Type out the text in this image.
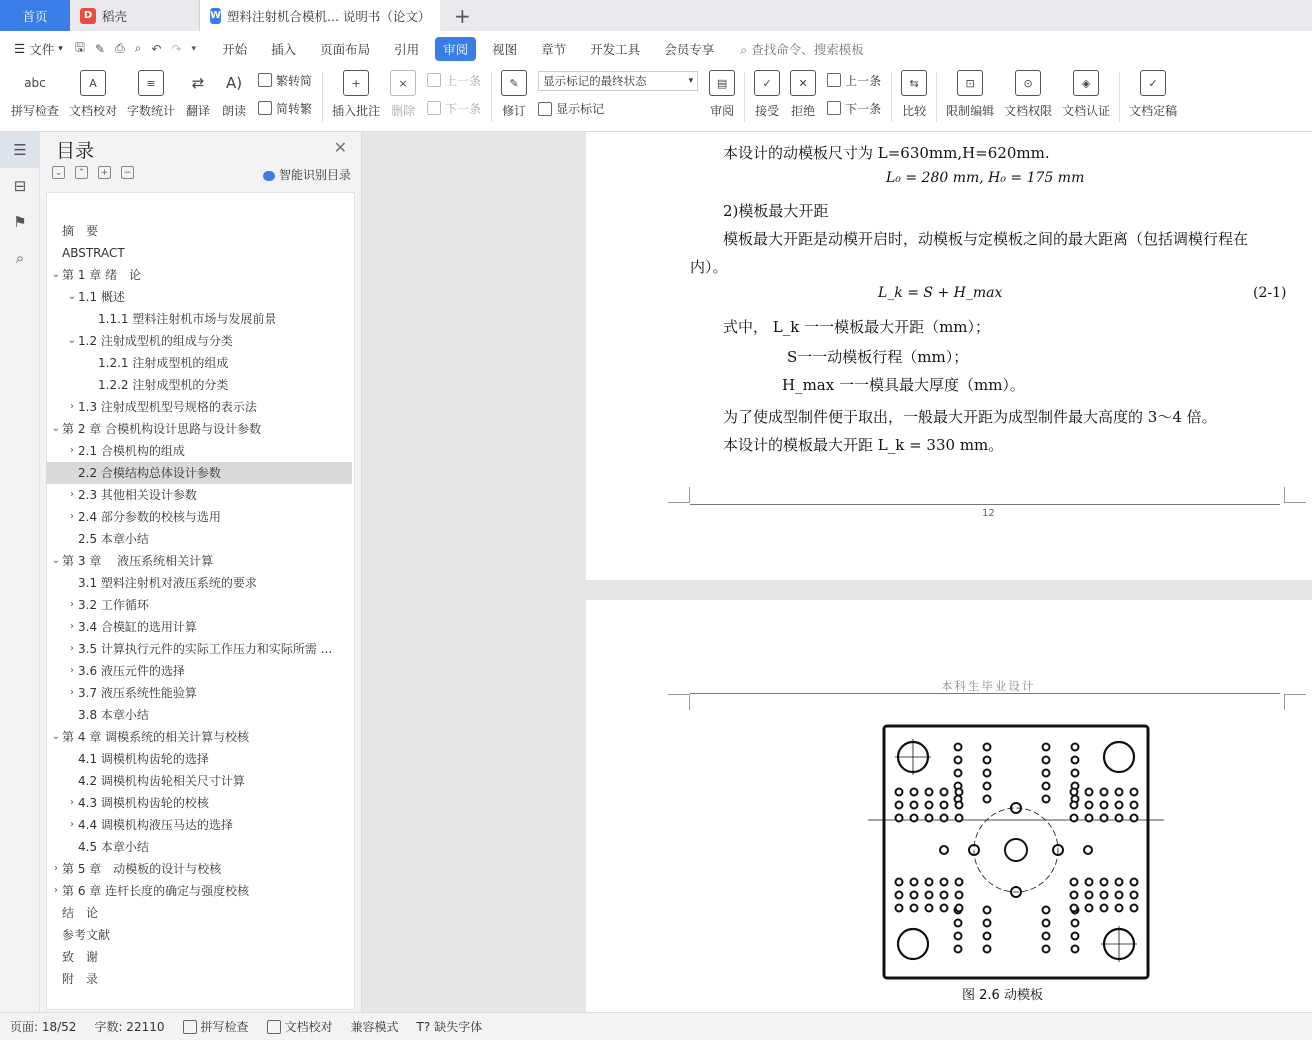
首页	D 稻壳	W 塑料注射机合模机... 说明书（论文）	+
☰ 文件 ▾ 🖫 ✎ ⎙ ⌕ ↶ ↷ ▾	开始	插入	页面布局	引用	审阅	视图	章节	开发工具	会员专享	⌕ 查找命令、搜索模板
abc
拼写检查
A
文档校对
≡
字数统计
⇄
翻译
A)
朗读
繁转简
简转繁
+
插入批注
×
删除
上一条
下一条
✎
修订
显示标记的最终状态	▾
显示标记
▤
审阅
✓
接受
✕
拒绝
上一条
下一条
⇆
比较
⊡
限制编辑
⊙
文档权限
◈
文档认证
✓
文档定稿
☰
⊟
⚑
⌕
目录	✕
⌄	⌃	+	−	智能识别目录
摘　要
ABSTRACT
⌄ 第 1 章 绪　论
⌄ 1.1 概述
1.1.1 塑料注射机市场与发展前景
⌄ 1.2 注射成型机的组成与分类
1.2.1 注射成型机的组成
1.2.2 注射成型机的分类
› 1.3 注射成型机型号规格的表示法
⌄ 第 2 章 合模机构设计思路与设计参数
› 2.1 合模机构的组成
2.2 合模结构总体设计参数
› 2.3 其他相关设计参数
› 2.4 部分参数的校核与选用
2.5 本章小结
⌄ 第 3 章　 液压系统相关计算
3.1 塑料注射机对液压系统的要求
› 3.2 工作循环
› 3.4 合模缸的选用计算
› 3.5 计算执行元件的实际工作压力和实际所需 ...
› 3.6 液压元件的选择
› 3.7 液压系统性能验算
3.8 本章小结
⌄ 第 4 章 调模系统的相关计算与校核
4.1 调模机构齿轮的选择
4.2 调模机构齿轮相关尺寸计算
› 4.3 调模机构齿轮的校核
› 4.4 调模机构液压马达的选择
4.5 本章小结
› 第 5 章　动模板的设计与校核
› 第 6 章 连杆长度的确定与强度校核
结　论
参考文献
致　谢
附　录
本设计的动模板尺寸为 L=630mm,H=620mm.
L₀ = 280 mm, H₀ = 175 mm
2)模板最大开距
模板最大开距是动模开启时，动模板与定模板之间的最大距离（包括调模行程在
内）。
L_k = S + H_max	(2-1)
式中， L_k 一一模板最大开距（mm）；
S一一动模板行程（mm）；
H_max 一一模具最大厚度（mm）。
为了使成型制件便于取出，一般最大开距为成型制件最大高度的 3～4 倍。
本设计的模板最大开距 L_k = 330 mm。
12
本科生毕业设计
图 2.6 动模板
页面: 18/52 字数: 22110	拼写检查	文档校对 兼容模式 T? 缺失字体
